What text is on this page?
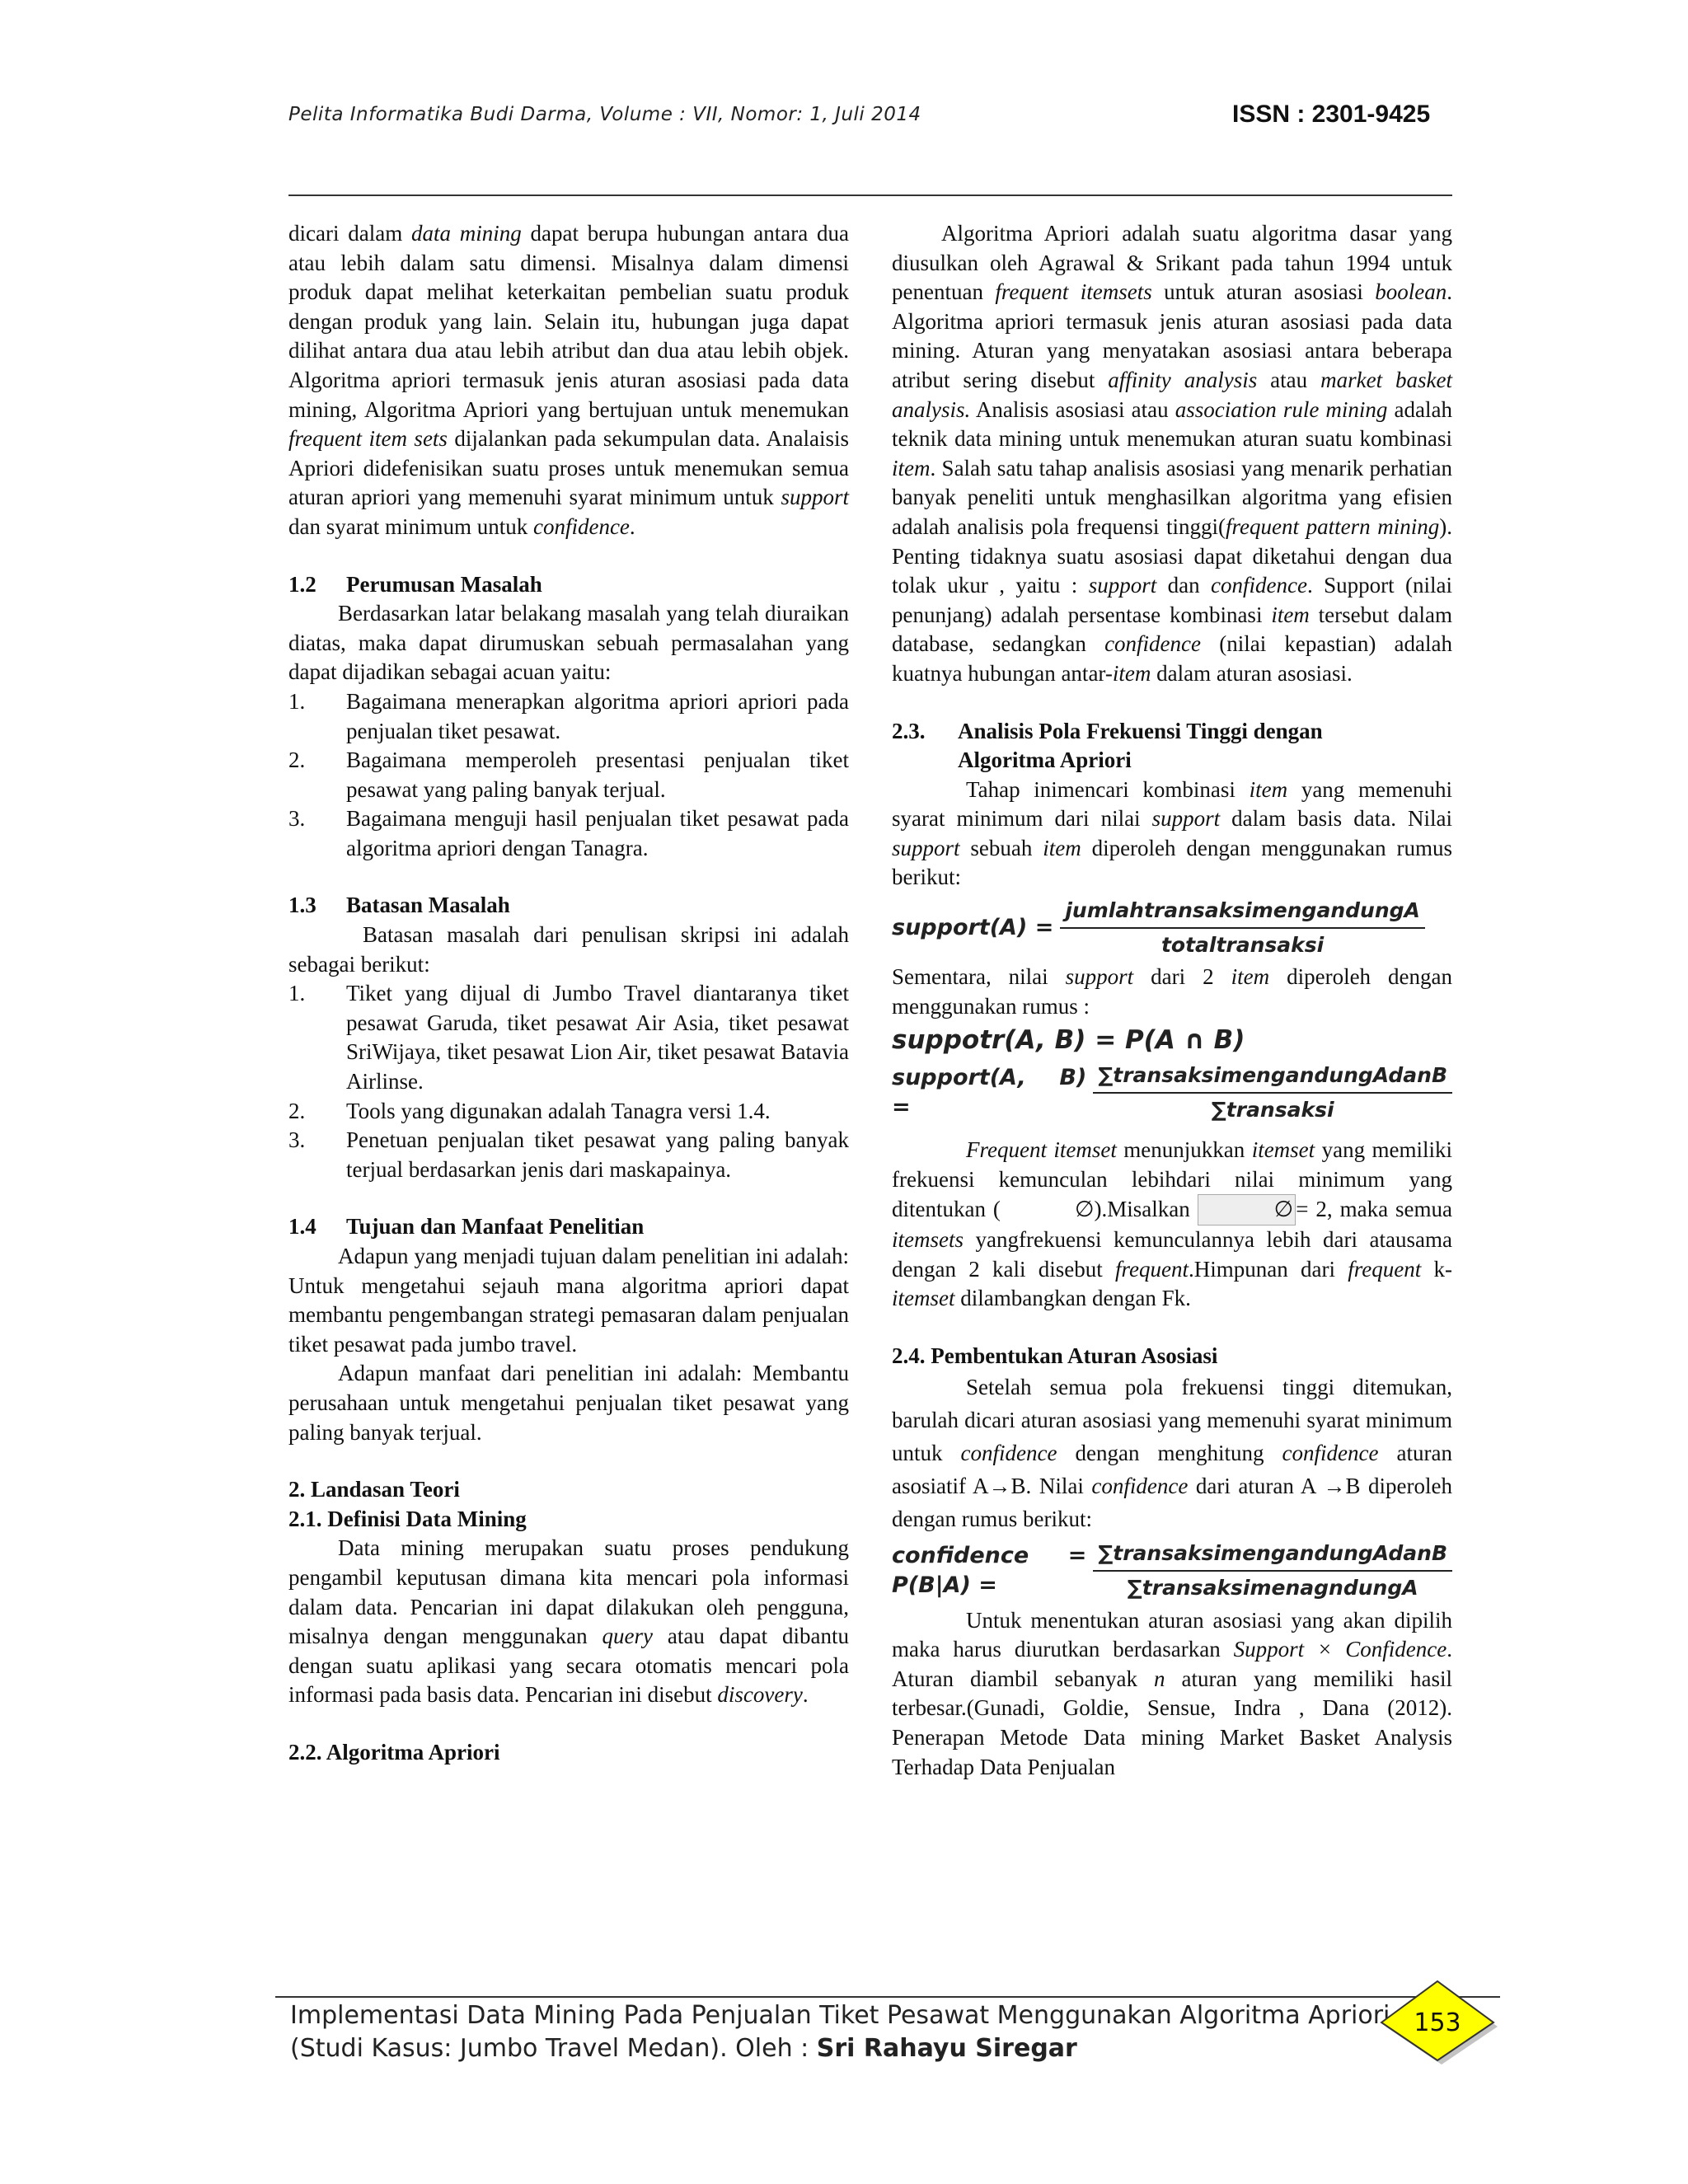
Pelita Informatika Budi Darma, Volume : VII, Nomor: 1, Juli 2014	ISSN : 2301-9425

dicari dalam data mining dapat berupa hubungan antara dua atau lebih dalam satu dimensi. Misalnya dalam dimensi produk dapat melihat keterkaitan pembelian suatu produk dengan produk yang lain. Selain itu, hubungan juga dapat dilihat antara dua atau lebih atribut dan dua atau lebih objek. Algoritma apriori termasuk jenis aturan asosiasi pada data mining, Algoritma Apriori yang bertujuan untuk menemukan frequent item sets dijalankan pada sekumpulan data. Analaisis Apriori didefenisikan suatu proses untuk menemukan semua aturan apriori yang memenuhi syarat minimum untuk support dan syarat minimum untuk confidence.

1.2 Perumusan Masalah

Berdasarkan latar belakang masalah yang telah diuraikan diatas, maka dapat dirumuskan sebuah permasalahan yang dapat dijadikan sebagai acuan yaitu:

1. Bagaimana menerapkan algoritma apriori apriori pada penjualan tiket pesawat.
2. Bagaimana memperoleh presentasi penjualan tiket pesawat yang paling banyak terjual.
3. Bagaimana menguji hasil penjualan tiket pesawat pada algoritma apriori dengan Tanagra.

1.3 Batasan Masalah

Batasan masalah dari penulisan skripsi ini adalah sebagai berikut:

1. Tiket yang dijual di Jumbo Travel diantaranya tiket pesawat Garuda, tiket pesawat Air Asia, tiket pesawat SriWijaya, tiket pesawat Lion Air, tiket pesawat Batavia Airlinse.
2. Tools yang digunakan adalah Tanagra versi 1.4.
3. Penetuan penjualan tiket pesawat yang paling banyak terjual berdasarkan jenis dari maskapainya.

1.4 Tujuan dan Manfaat Penelitian

Adapun yang menjadi tujuan dalam penelitian ini adalah: Untuk mengetahui sejauh mana algoritma apriori dapat membantu pengembangan strategi pemasaran dalam penjualan tiket pesawat pada jumbo travel.

Adapun manfaat dari penelitian ini adalah: Membantu perusahaan untuk mengetahui penjualan tiket pesawat yang paling banyak terjual.

2. Landasan Teori

2.1. Definisi Data Mining

Data mining merupakan suatu proses pendukung pengambil keputusan dimana kita mencari pola informasi dalam data. Pencarian ini dapat dilakukan oleh pengguna, misalnya dengan menggunakan query atau dapat dibantu dengan suatu aplikasi yang secara otomatis mencari pola informasi pada basis data. Pencarian ini disebut discovery.

2.2. Algoritma Apriori

Algoritma Apriori adalah suatu algoritma dasar yang diusulkan oleh Agrawal & Srikant pada tahun 1994 untuk penentuan frequent itemsets untuk aturan asosiasi boolean. Algoritma apriori termasuk jenis aturan asosiasi pada data mining. Aturan yang menyatakan asosiasi antara beberapa atribut sering disebut affinity analysis atau market basket analysis. Analisis asosiasi atau association rule mining adalah teknik data mining untuk menemukan aturan suatu kombinasi item. Salah satu tahap analisis asosiasi yang menarik perhatian banyak peneliti untuk menghasilkan algoritma yang efisien adalah analisis pola frequensi tinggi(frequent pattern mining). Penting tidaknya suatu asosiasi dapat diketahui dengan dua tolak ukur , yaitu : support dan confidence. Support (nilai penunjang) adalah persentase kombinasi item tersebut dalam database, sedangkan confidence (nilai kepastian) adalah kuatnya hubungan antar-item dalam aturan asosiasi.

2.3. Analisis Pola Frekuensi Tinggi dengan
Algoritma Apriori

Tahap inimencari kombinasi item yang memenuhi syarat minimum dari nilai support dalam basis data. Nilai support sebuah item diperoleh dengan menggunakan rumus berikut:

support(A) = $\frac{\text{jumlahtransaksimengandungA}}{\text{totaltransaksi}}$

Sementara, nilai support dari 2 item diperoleh dengan menggunakan rumus :

suppotr(A, B) = P(A ∩ B)
support(A, B) =	$\frac{\text{∑transaksimengandungAdanB}}{\text{∑transaksi}}$

Frequent itemset menunjukkan itemset yang memiliki frekuensi kemunculan lebihdari nilai minimum yang ditentukan (	∅).Misalkan	∅ = 2, maka semua itemsets yangfrekuensi kemunculannya lebih dari atausama dengan 2 kali disebut frequent.Himpunan dari frequent k-itemset dilambangkan dengan Fk.

2.4. Pembentukan Aturan Asosiasi

Setelah semua pola frekuensi tinggi ditemukan, barulah dicari aturan asosiasi yang memenuhi syarat minimum untuk confidence dengan menghitung confidence aturan asosiatif A→B. Nilai confidence dari aturan A →B diperoleh dengan rumus berikut:

confidence = P(B|A) =	$\frac{\text{∑transaksimengandungAdanB}}{\text{∑transaksimenagndungA}}$

Untuk menentukan aturan asosiasi yang akan dipilih maka harus diurutkan berdasarkan Support × Confidence. Aturan diambil sebanyak n aturan yang memiliki hasil terbesar.(Gunadi, Goldie, Sensue, Indra , Dana (2012). Penerapan Metode Data mining Market Basket Analysis Terhadap Data Penjualan

Implementasi Data Mining Pada Penjualan Tiket Pesawat Menggunakan Algoritma Apriori
(Studi Kasus: Jumbo Travel Medan). Oleh : Sri Rahayu Siregar
153
